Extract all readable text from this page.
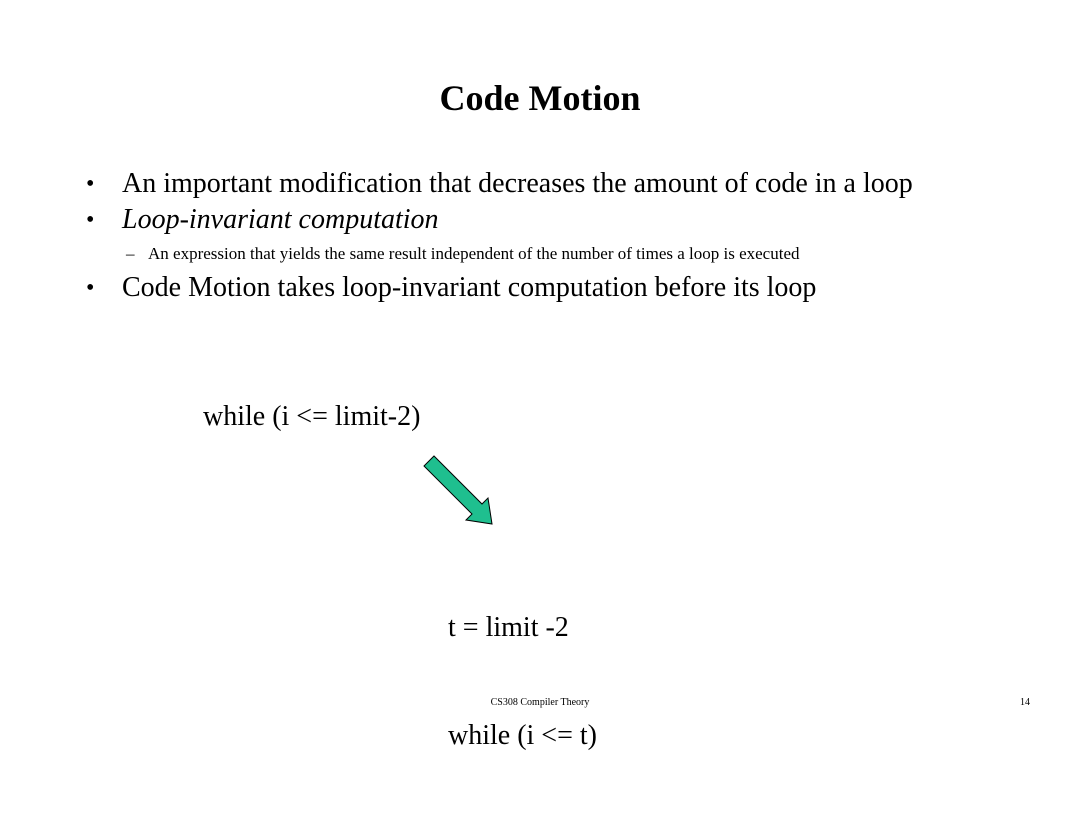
Code Motion
• An important modification that decreases the amount of code in a loop
• Loop-invariant computation
– An expression that yields the same result independent of the number of times a loop is executed
• Code Motion takes loop-invariant computation before its loop
while (i <= limit-2)

t = limit -2

while (i <= t)

CS308 Compiler Theory	14
